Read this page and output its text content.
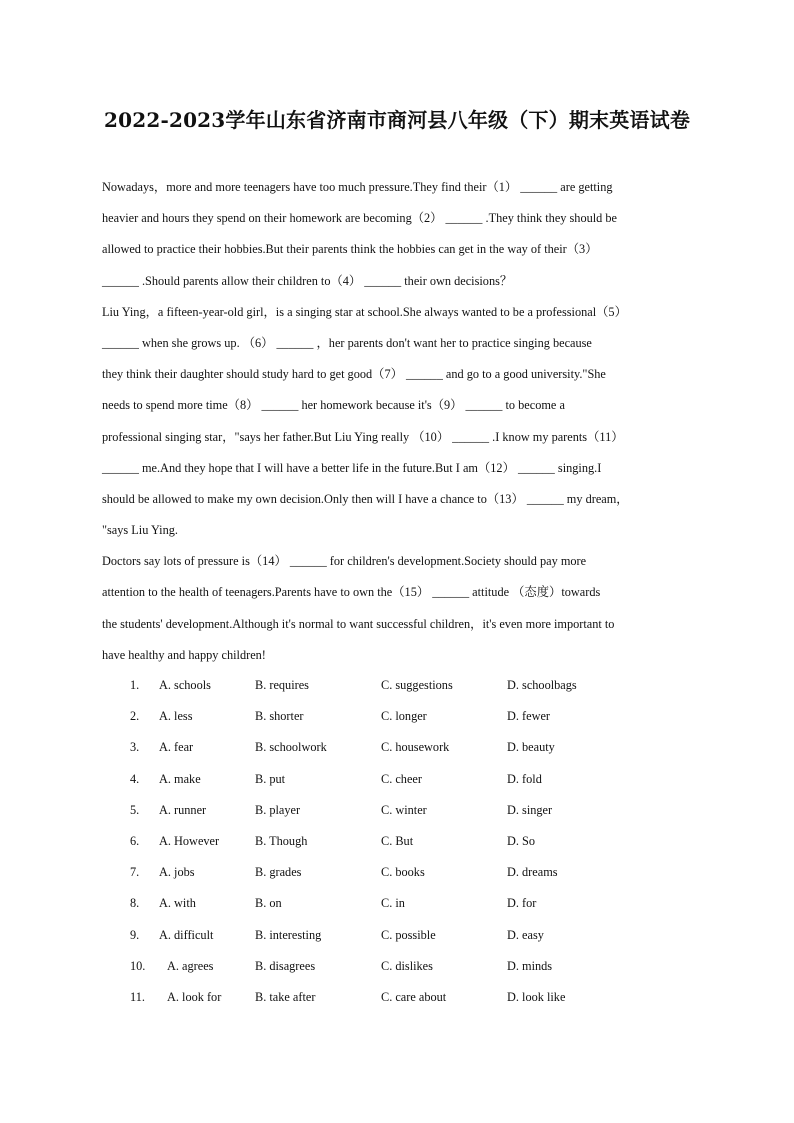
2022-2023学年山东省济南市商河县八年级（下）期末英语试卷
Nowadays，more and more teenagers have too much pressure.They find their（1） ______ are getting
heavier and hours they spend on their homework are becoming（2） ______ .They think they should be
allowed to practice their hobbies.But their parents think the hobbies can get in the way of their（3）
______ .Should parents allow their children to（4） ______ their own decisions？
Liu Ying，a fifteen-year-old girl，is a singing star at school.She always wanted to be a professional（5）
______ when she grows up. （6） ______ ，her parents don't want her to practice singing because
they think their daughter should study hard to get good（7） ______ and go to a good university."She
needs to spend more time（8） ______ her homework because it's（9） ______ to become a
professional singing star，"says her father.But Liu Ying really （10） ______ .I know my parents（11）
______ me.And they hope that I will have a better life in the future.But I am（12） ______ singing.I
should be allowed to make my own decision.Only then will I have a chance to（13） ______ my dream，
"says Liu Ying.
Doctors say lots of pressure is（14） ______ for children's development.Society should pay more
attention to the health of teenagers.Parents have to own the（15） ______ attitude （态度）towards
the students' development.Although it's normal to want successful children，it's even more important to
have healthy and happy children!
1. A. schools	B. requires	C. suggestions	D. schoolbags
2. A. less	B. shorter	C. longer	D. fewer
3. A. fear	B. schoolwork	C. housework	D. beauty
4. A. make	B. put	C. cheer	D. fold
5. A. runner	B. player	C. winter	D. singer
6. A. However	B. Though	C. But	D. So
7. A. jobs	B. grades	C. books	D. dreams
8. A. with	B. on	C. in	D. for
9. A. difficult	B. interesting	C. possible	D. easy
10. A. agrees	B. disagrees	C. dislikes	D. minds
11. A. look for	B. take after	C. care about	D. look like
